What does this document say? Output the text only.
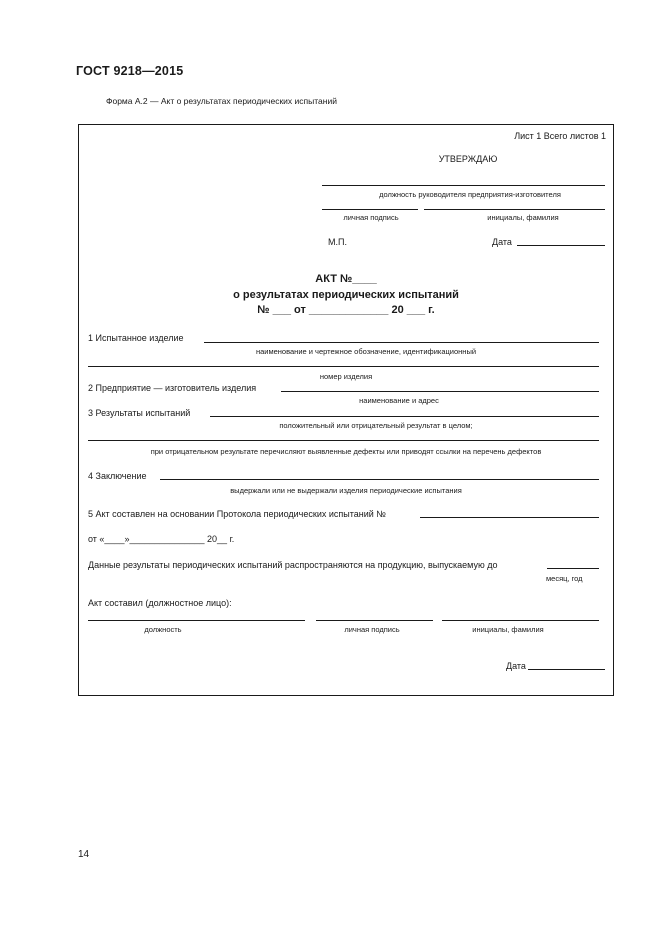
ГОСТ 9218—2015
Форма А.2 — Акт о результатах периодических испытаний
Лист 1 Всего листов 1
УТВЕРЖДАЮ
должность руководителя предприятия-изготовителя
личная подпись	инициалы, фамилия
М.П.	Дата
АКТ №____
о результатах периодических испытаний
№ ___ от _____________ 20 ___ г.
1 Испытанное изделие
наименование и чертежное обозначение, идентификационный
номер изделия
2 Предприятие — изготовитель изделия
наименование и адрес
3 Результаты испытаний
положительный или отрицательный результат в целом;
при отрицательном результате перечисляют выявленные дефекты или приводят ссылки на перечень дефектов
4 Заключение
выдержали или не выдержали изделия периодические испытания
5 Акт составлен на основании Протокола периодических испытаний №
от «____»_______________ 20__ г.
Данные результаты периодических испытаний распространяются на продукцию, выпускаемую до
месяц, год
Акт составил (должностное лицо):
должность	личная подпись	инициалы, фамилия
Дата
14
